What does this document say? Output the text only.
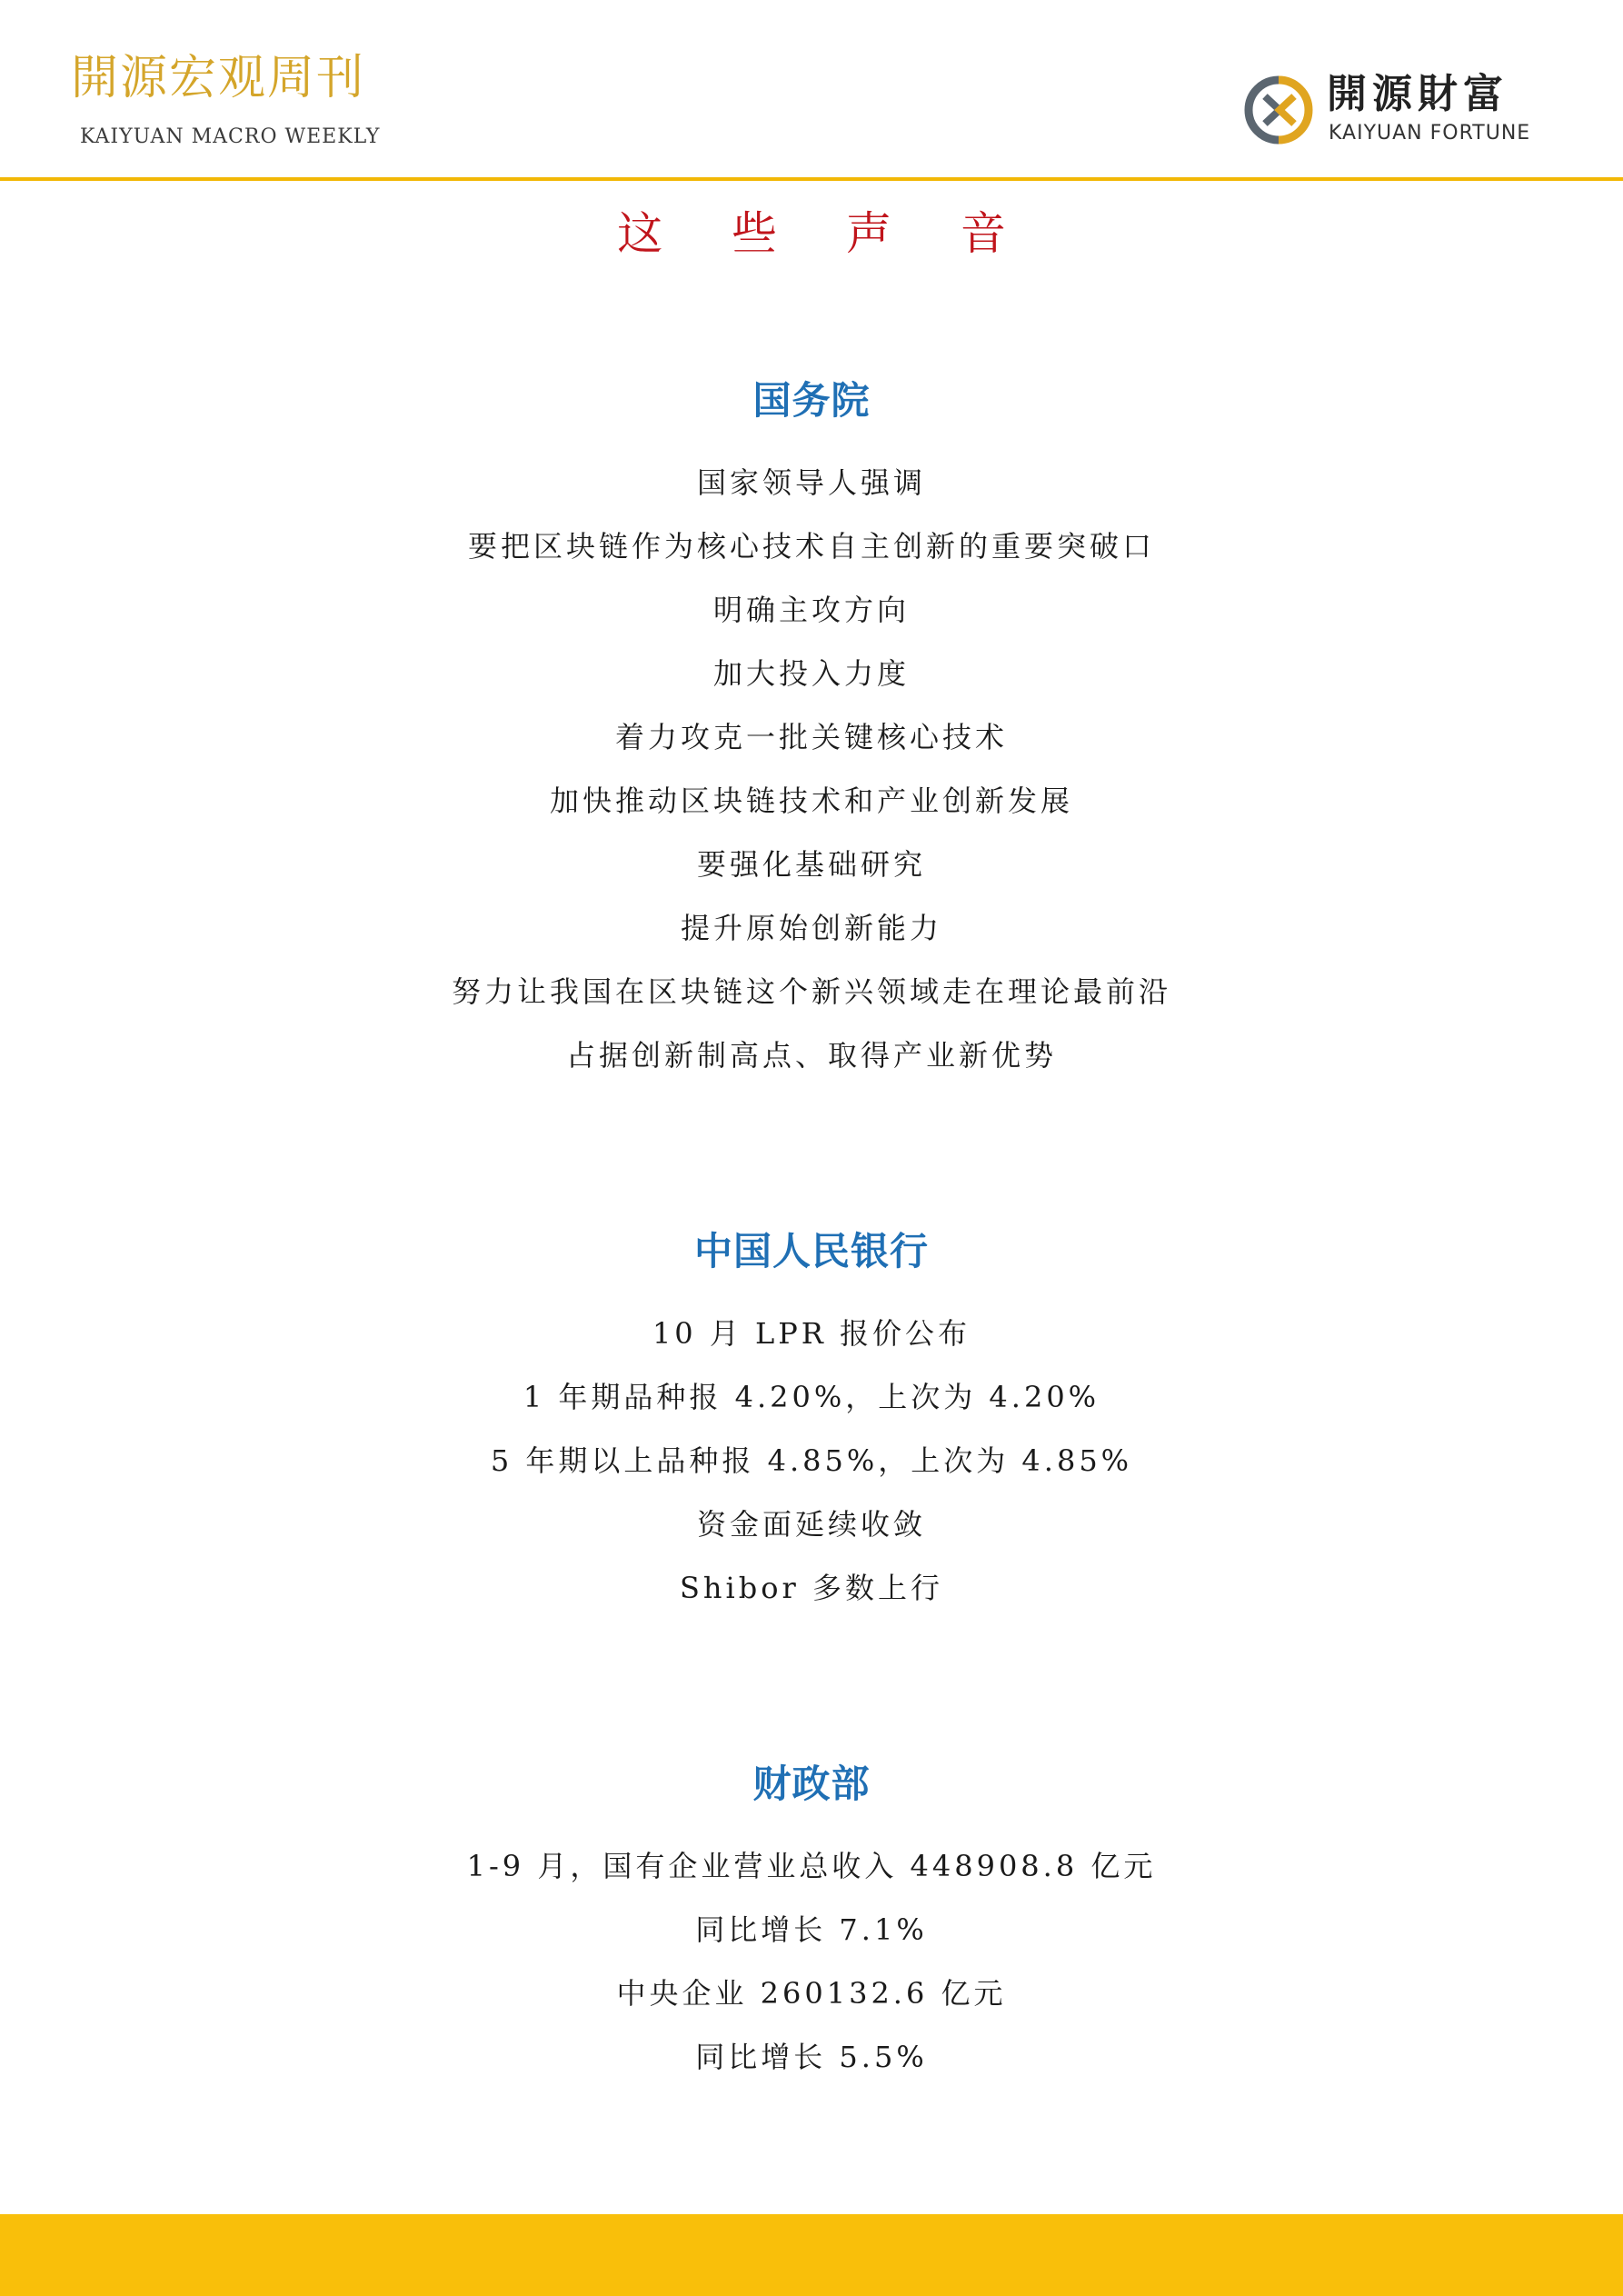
開源宏观周刊
KAIYUAN MACRO WEEKLY
開源財富
KAIYUAN FORTUNE
这 些 声 音
国务院
国家领导人强调
要把区块链作为核心技术自主创新的重要突破口
明确主攻方向
加大投入力度
着力攻克一批关键核心技术
加快推动区块链技术和产业创新发展
要强化基础研究
提升原始创新能力
努力让我国在区块链这个新兴领域走在理论最前沿
占据创新制高点、取得产业新优势
中国人民银行
10 月 LPR 报价公布
1 年期品种报 4.20%，上次为 4.20%
5 年期以上品种报 4.85%，上次为 4.85%
资金面延续收敛
Shibor 多数上行
财政部
1-9 月，国有企业营业总收入 448908.8 亿元
同比增长 7.1%
中央企业 260132.6 亿元
同比增长 5.5%
